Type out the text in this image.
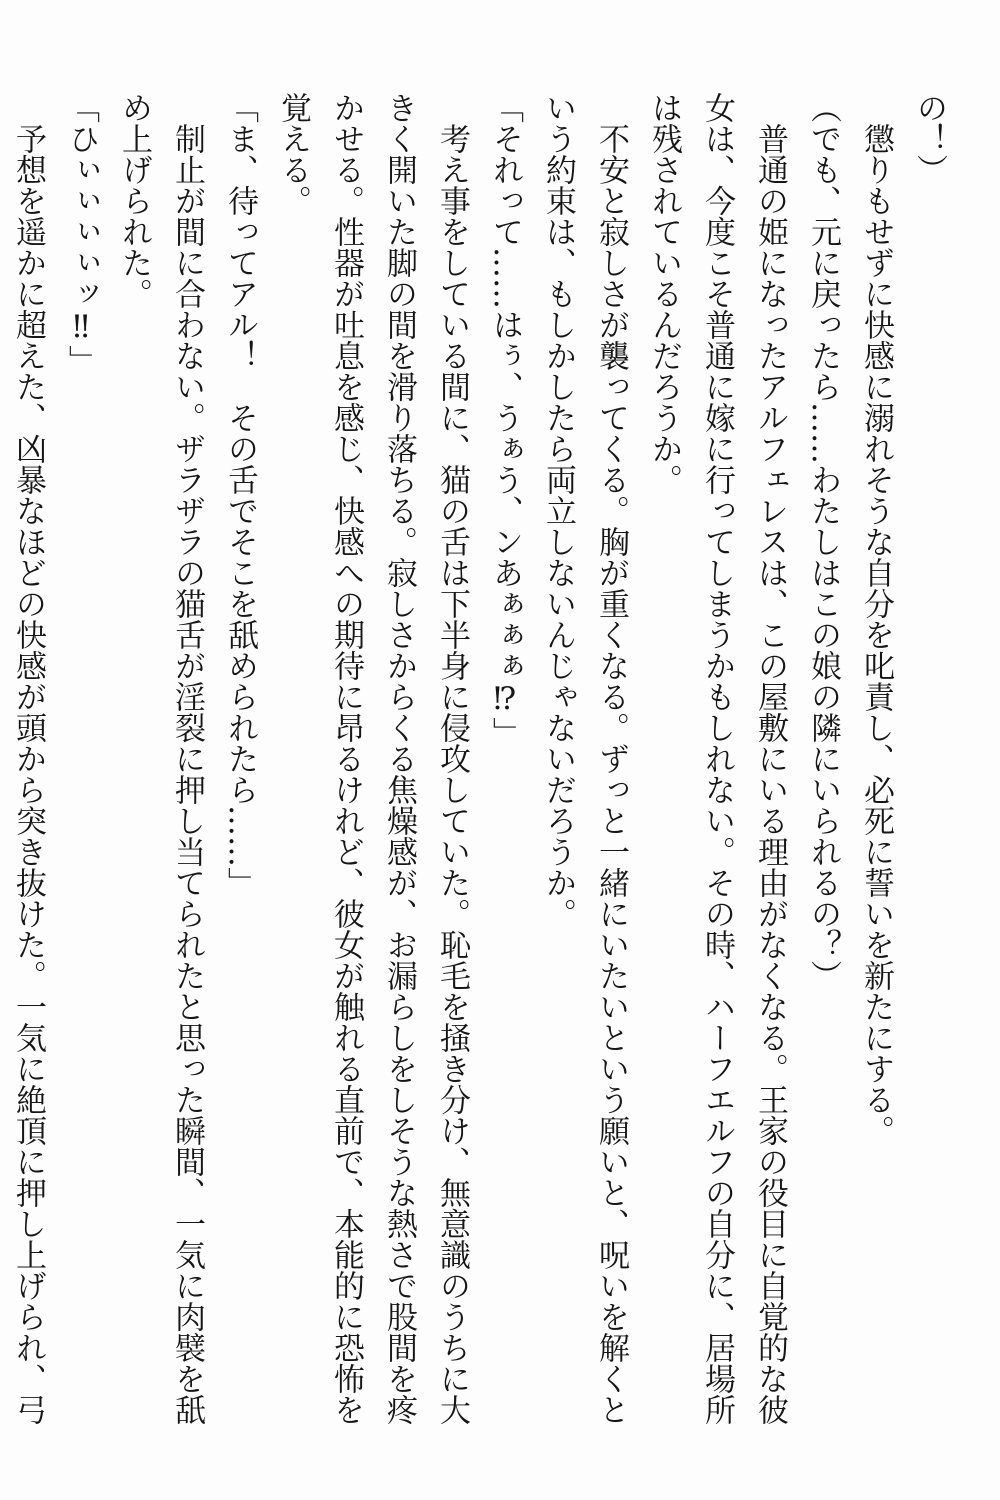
の！）
懲りもせずに快感に溺れそうな自分を叱責し、必死に誓いを新たにする。
（でも、元に戻ったら……わたしはこの娘の隣にいられるの？）
普通の姫になったアルフェレスは、この屋敷にいる理由がなくなる。王家の役目に自覚的な彼
女は、今度こそ普通に嫁に行ってしまうかもしれない。その時、ハーフエルフの自分に、居場所
は残されているんだろうか。
不安と寂しさが襲ってくる。胸が重くなる。ずっと一緒にいたいという願いと、呪いを解くと
いう約束は、もしかしたら両立しないんじゃないだろうか。
「それって……はぅ、うぁう、ンあぁぁぁ⁉」
考え事をしている間に、猫の舌は下半身に侵攻していた。恥毛を掻き分け、無意識のうちに大
きく開いた脚の間を滑り落ちる。寂しさからくる焦燥感が、お漏らしをしそうな熱さで股間を疼
かせる。性器が吐息を感じ、快感への期待に昂るけれど、彼女が触れる直前で、本能的に恐怖を
覚える。
「ま、待ってアル！　その舌でそこを舐められたら……」
制止が間に合わない。ザラザラの猫舌が淫裂に押し当てられたと思った瞬間、一気に肉襞を舐
め上げられた。
「ひぃぃぃぃッ‼」
予想を遥かに超えた、凶暴なほどの快感が頭から突き抜けた。一気に絶頂に押し上げられ、弓
